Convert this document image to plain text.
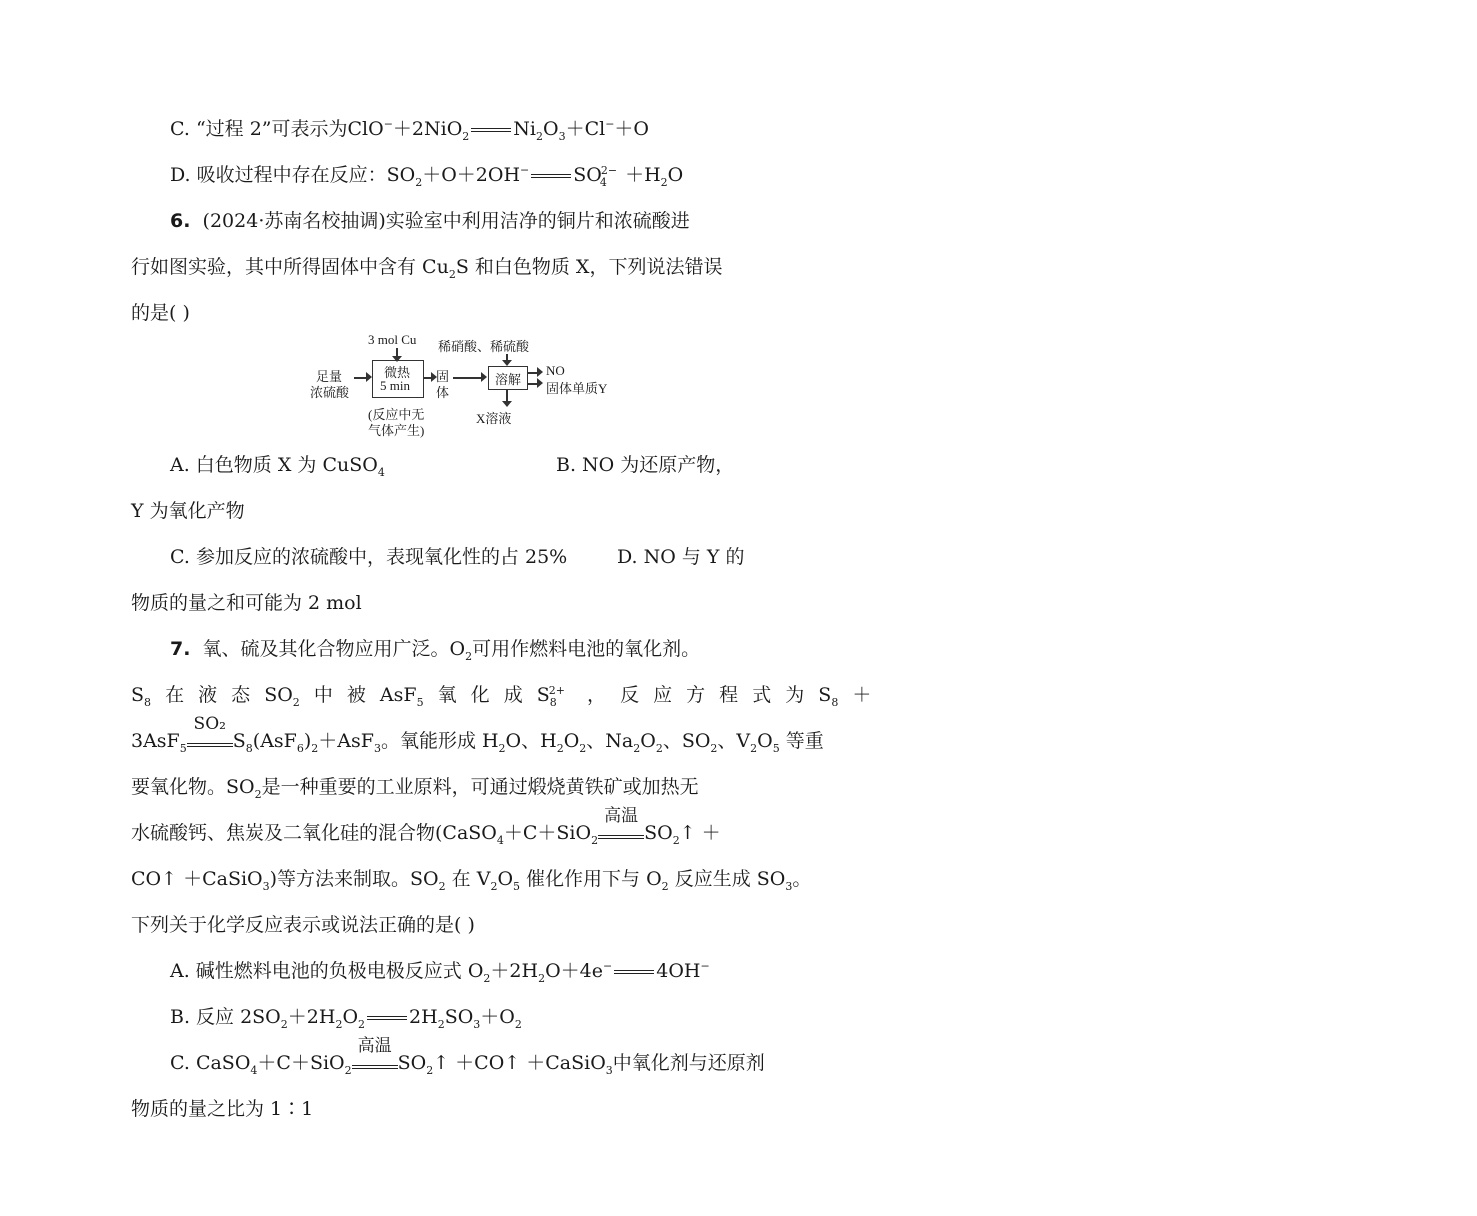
C. “过程 2”可表示为ClO−＋2NiO$_2$ $Ni_2O_3+Cl^-+O$
D. 吸收过程中存在反应：$SO_2+O+2OH^-$ $SO_4^{2-} +H_2O$
6. (2024·苏南名校抽调)实验室中利用洁净的铜片和浓硫酸进
行如图实验，其中所得固体中含有 $Cu_2S$ 和白色物质 X，下列说法错误
的是( )
3 mol Cu
足量
浓硫酸
微热
5 min
(反应中无
气体产生)
固
体
稀硝酸、稀硫酸
溶解
X溶液
NO
固体单质Y
A. 白色物质 X 为 CuSO$_4$	B. NO 为还原产物，
Y 为氧化产物
C. 参加反应的浓硫酸中，表现氧化性的占 25%	D. NO 与 Y 的
物质的量之和可能为 2 mol
7. 氧、硫及其化合物应用广泛。$O_2$可用作燃料电池的氧化剂。
$S_8$ 在 液 态 $SO_2$ 中 被 AsF$_5$ 氧 化 成 $S_8^{2+}$ ， 反 应 方 程 式 为 $S_8$ ＋
3AsF$_5$
SO₂
$S_8(AsF_6)_2+AsF_3$。氧能形成 $H_2O$、$H_2O_2$、$Na_2O_2$、$SO_2$、$V_2O_5$ 等重
要氧化物。$SO_2$是一种重要的工业原料，可通过煅烧黄铁矿或加热无
水硫酸钙、焦炭及二氧化硅的混合物(CaSO$_4$＋C＋SiO$_2$
高温
$SO_2↑$ ＋
CO↑ ＋CaSiO$_3$)等方法来制取。$SO_2$ 在 $V_2O_5$ 催化作用下与 $O_2$ 反应生成 $SO_3$。
下列关于化学反应表示或说法正确的是( )
A. 碱性燃料电池的负极电极反应式 $O_2+2H_2O+4e^-$ 4OH−
B. 反应 $2SO_2+2H_2O_2$ $2H_2SO_3+O_2$
C. CaSO$_4$＋C＋SiO$_2$
高温
$SO_2↑$ ＋CO↑ ＋CaSiO$_3$中氧化剂与还原剂
物质的量之比为 1∶1
